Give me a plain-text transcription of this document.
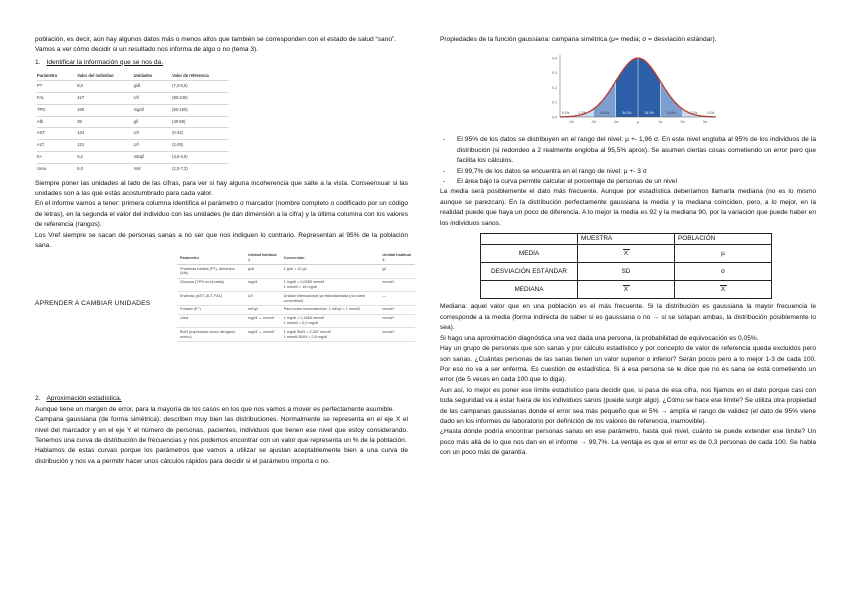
población, es decir, aún hay algunos datos más o menos altos que también se corresponden con el estado de salud “sano”.

Vamos a ver cómo decidir si un resultado nos informa de algo o no (tema 3).

1. Identificar la información que se nos da.
Parámetro	Valor del individuo	Unidades	Valor de referencia
PT	8,0	g/dl	(7,2-8,5)
FAL	427	U/l	(80-240)
TPG	165	mg/dl	(50-150)
Alb	39	g/l	(40-58)
AST	134	U/l	(0-32)
ALT	121	U/l	(2-29)
K+	6,2	mEq/l	(3,5-4,5)
Urea	6,0	mM	(2,0-7,3)

Siempre poner las unidades al lado de las cifras, para ver si hay alguna incoherencia que salte a la vista. Conseensuar si las unidades son a las que estás acostumbrado para cada valor.

En el informe vamos a tener: primera columna identifica el parámetro o marcador (nombre completo o codificado por un código de letras), en la segunda el valor del individuo con las unidades (le dan dimensión a la cifra) y la última columna con los valores de referencia (rangos).

Los Vref siempre se sacan de personas sanas a no ser que nos indiquen lo contrario. Representan al 95% de la población sana.

APRENDER A CAMBIAR UNIDADES
Parámetro	Unidad habitual 1	Conversión	Unidad habitual 2
Proteínas totales (PT), Albúmina (Alb)	g/dl	1 g/dl = 10 g/l	g/l
Glucosa (TPG en la tabla)	mg/dl	1 mg/dl = 0,0555 mmol/l
1 mmol/l = 18 mg/dl	mmol/l
Enzimas (AST, ALT, FAL)	U/l	Unidad internacional ya estandarizada (no suele convertirse)	—
Potasio (K⁺)	mEq/l	Para iones monovalentes: 1 mEq/l = 1 mmol/l	mmol/l
Urea	mg/dl ↔ mmol/l	1 mg/dl = 0,1665 mmol/l
1 mmol/l = 6,0 mg/dl	mmol/l
BUN (expresado como nitrógeno ureico)	mg/dl ↔ mmol/l	1 mg/dl BUN = 0,357 mmol/l
1 mmol/l BUN = 2,8 mg/dl	mmol/l
2. Aproximación estadística.

Aunque tiene un margen de error, para la mayoría de los casos en los que nos vamos a mover es perfectamente asumible.

Campana gaussiana (de forma simétrica): describen muy bien las distribuciones. Normalmente se representa en el eje X el nivel del marcador y en el eje Y el número de personas, pacientes, individuos que tienen ese nivel que estoy considerando. Tenemos una curva de distribución de frecuencias y nos podemos encontrar con un valor que representa un % de la población.

Hablamos de estas curvas porque los parámetros que vamos a utilizar se ajustan aceptablemente bien a una curva de distribución y nos va a permitir hacer unos cálculos rápidos para decidir si el parámetro importa o no.

Propiedades de la función gaussiana: campana simétrica (μ= media; σ = desviación estándar).

0.4
0.3
0.2
0.1
0.0
-3σ	-2σ	-1σ	μ	1σ	2σ	3σ
0.1%	2.1%	13.6%	34.1%	34.1%	13.6%	2.1%	0.1%
- El 95% de los datos se distribuyen en el rango del nivel: μ +- 1,96 σ. En este nivel engloba al 95% de los individuos de la distribución (si redondeo a 2 realmente engloba al 95,5% aprox). Se asumen ciertas cosas cometiendo un error pero que facilita los cálculos.
- El 99,7% de los datos se encuentra en el rango de nivel: μ +- 3 σ
- El área bajo la curva permite calcular el porcentaje de personas de un nivel

La media será posiblemente el dato más frecuente. Aunque por estadística deberíamos llamarla mediana (no es lo mismo aunque se parezcan). En la distribución perfectamente gaussiana la media y la mediana coinciden, pero, a lo mejor, en la realidad puede que haya un poco de diferencia. A lo mejor la media es 92 y la mediana 90, por la variación que puede haber en los individuos sanos.

	MUESTRA	POBLACIÓN
MEDIA	X	μ
DESVIACIÓN ESTÁNDAR	SD	σ
MEDIANA	X	X

Mediana: aquel valor que en una población es el más frecuente. Si la distribución es gaussiana la mayor frecuencia le corresponde a la media (forma indirecta de saber si es gaussiana o no → si se solapan ambas, la distribución posiblemente lo sea).

Si hago una aproximación diagnóstica una vez dada una persona, la probabilidad de equivocación es 0,05%.

Hay un grupo de personas que son sanas y por cálculo estadístico y por concepto de valor de referencia queda excluidos pero son sanas. ¿Cuántas personas de las sanas tienen un valor superior o inferior? Serán pocos pero a lo mejor 1-3 de cada 100. Por eso no va a ser enferma. Es cuestión de estadística. Si a esa persona se le dice que no es sana se está cometiendo un error (de 5 veces en cada 100 que lo diga).

Aun así, lo mejor es poner ese límite estadístico para decidir que, si pasa de esa cifra, nos fijamos en el dato porque casi con toda seguridad va a estar fuera de los individuos sanos (puede surgir algo). ¿Cómo se hace ese límite? Se utiliza otra propiedad de las campanas gaussianas donde el error sea más pequeño que el 5% → amplía el rango de validez (el dato de 95% viene dado en los informes de laboratorio por definición de los valores de referencia, inamovible).

¿Hasta dónde podría encontrar personas sanas en ese parámetro, hasta qué nivel, cuánto se puede extender ese límite? Un poco más allá de lo que nos dan en el informe → 99,7%. La ventaja es que el error es de 0,3 personas de cada 100. Se habla con un poco más de garantía.
